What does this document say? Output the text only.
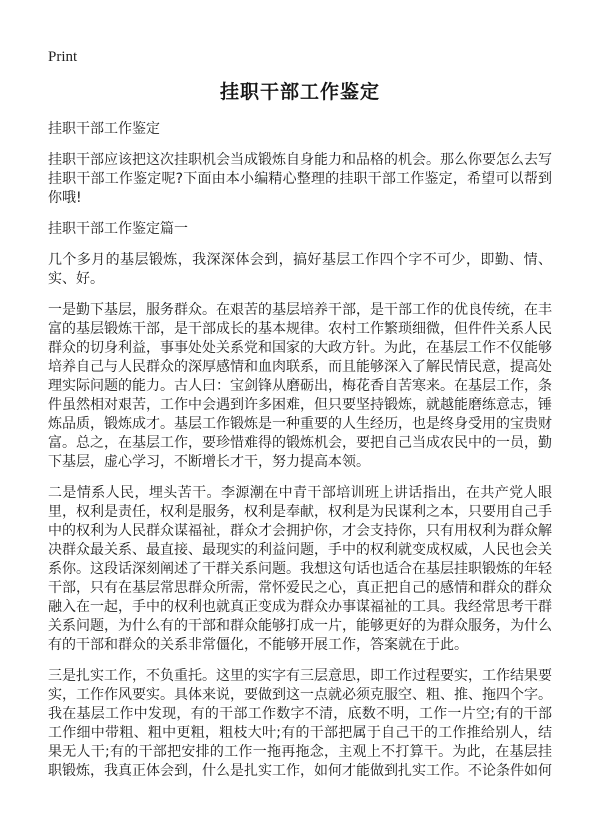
Print
挂职干部工作鉴定

挂职干部工作鉴定

挂职干部应该把这次挂职机会当成锻炼自身能力和品格的机会。那么你要怎么去写挂职干部工作鉴定呢?下面由本小编精心整理的挂职干部工作鉴定，希望可以帮到你哦!

挂职干部工作鉴定篇一

几个多月的基层锻炼，我深深体会到，搞好基层工作四个字不可少，即勤、情、实、好。

一是勤下基层，服务群众。在艰苦的基层培养干部，是干部工作的优良传统，在丰富的基层锻炼干部，是干部成长的基本规律。农村工作繁琐细微，但件件关系人民群众的切身利益，事事处处关系党和国家的大政方针。为此，在基层工作不仅能够培养自己与人民群众的深厚感情和血肉联系，而且能够深入了解民情民意，提高处理实际问题的能力。古人曰：宝剑锋从磨砺出，梅花香自苦寒来。在基层工作，条件虽然相对艰苦，工作中会遇到许多困难，但只要坚持锻炼，就越能磨练意志，锤炼品质，锻炼成才。基层工作锻炼是一种重要的人生经历，也是终身受用的宝贵财富。总之，在基层工作，要珍惜难得的锻炼机会，要把自己当成农民中的一员，勤下基层，虚心学习，不断增长才干，努力提高本领。

二是情系人民，埋头苦干。李源潮在中青干部培训班上讲话指出，在共产党人眼里，权利是责任，权利是服务，权利是奉献，权利是为民谋利之本，只要用自己手中的权利为人民群众谋福祉，群众才会拥护你，才会支持你，只有用权利为群众解决群众最关系、最直接、最现实的利益问题，手中的权利就变成权威，人民也会关系你。这段话深刻阐述了干群关系问题。我想这句话也适合在基层挂职锻炼的年轻干部，只有在基层常思群众所需，常怀爱民之心，真正把自己的感情和群众的群众融入在一起，手中的权利也就真正变成为群众办事谋福祉的工具。我经常思考干群关系问题，为什么有的干部和群众能够打成一片，能够更好的为群众服务，为什么有的干部和群众的关系非常僵化，不能够开展工作，答案就在于此。

三是扎实工作，不负重托。这里的实字有三层意思，即工作过程要实，工作结果要实，工作作风要实。具体来说，要做到这一点就必须克服空、粗、推、拖四个字。我在基层工作中发现，有的干部工作数字不清，底数不明，工作一片空;有的干部工作细中带粗、粗中更粗，粗枝大叶;有的干部把属于自己干的工作推给别人，结果无人干;有的干部把安排的工作一拖再拖念，主观上不打算干。为此，在基层挂职锻炼，我真正体会到，什么是扎实工作，如何才能做到扎实工作。不论条件如何
